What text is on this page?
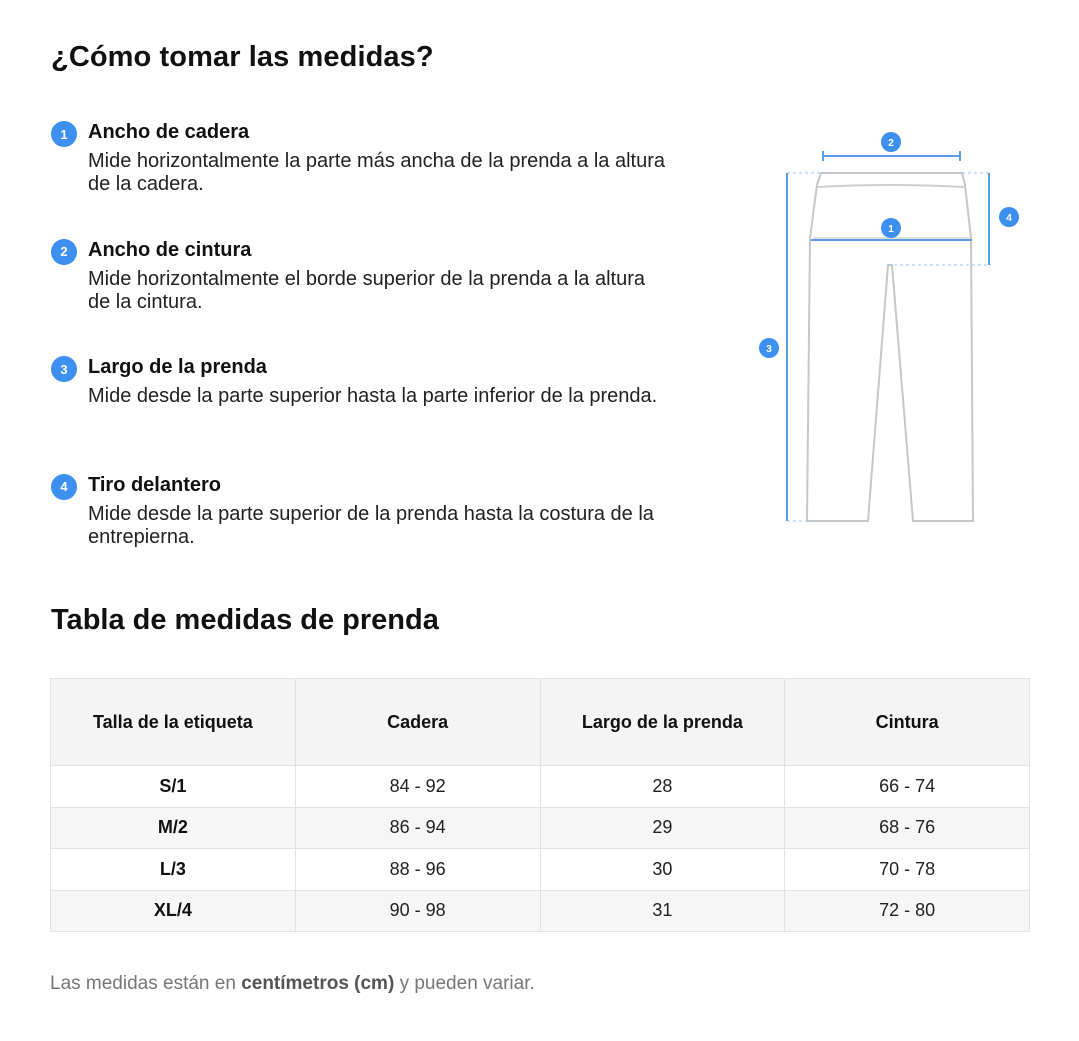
¿Cómo tomar las medidas?
1	Ancho de cadera
Mide horizontalmente la parte más ancha de la prenda a la altura de la cadera.
2	Ancho de cintura
Mide horizontalmente el borde superior de la prenda a la altura de la cintura.
3	Largo de la prenda
Mide desde la parte superior hasta la parte inferior de la prenda.
4	Tiro delantero
Mide desde la parte superior de la prenda hasta la costura de la entrepierna.
2
1
4
3
Tabla de medidas de prenda
Talla de la etiqueta	Cadera	Largo de la prenda	Cintura
S/1	84 - 92	28	66 - 74
M/2	86 - 94	29	68 - 76
L/3	88 - 96	30	70 - 78
XL/4	90 - 98	31	72 - 80

Las medidas están en centímetros (cm) y pueden variar.
